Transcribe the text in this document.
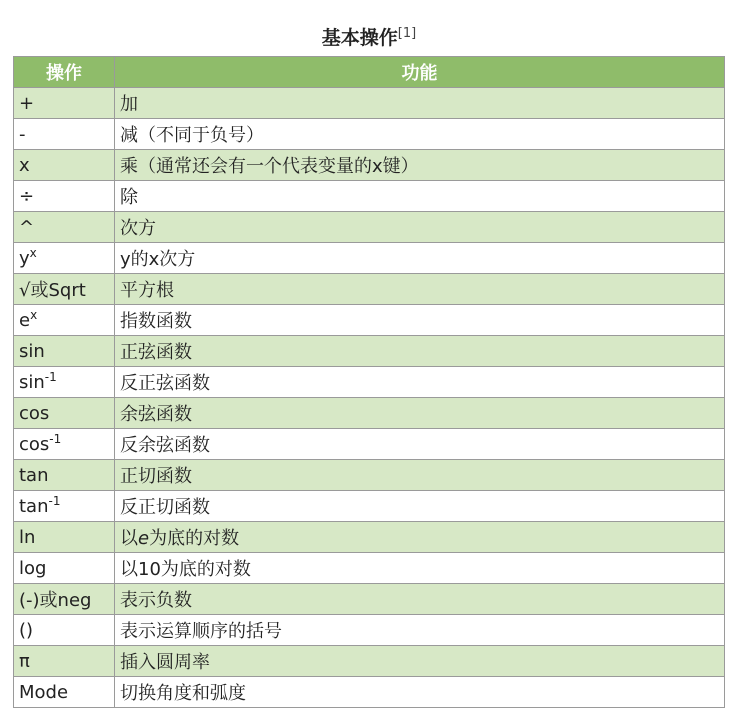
基本操作[1]
操作	功能
+	加
-	减（不同于负号）
x	乘（通常还会有一个代表变量的x键）
÷	除
^	次方
$y^x$	y的x次方
√或Sqrt	平方根
$e^x$	指数函数
sin	正弦函数
$\sin^{-1}$	反正弦函数
cos	余弦函数
$\cos^{-1}$	反余弦函数
tan	正切函数
$\tan^{-1}$	反正切函数
ln	以e为底的对数
log	以10为底的对数
(-)或neg	表示负数
()	表示运算顺序的括号
π	插入圆周率
Mode	切换角度和弧度
